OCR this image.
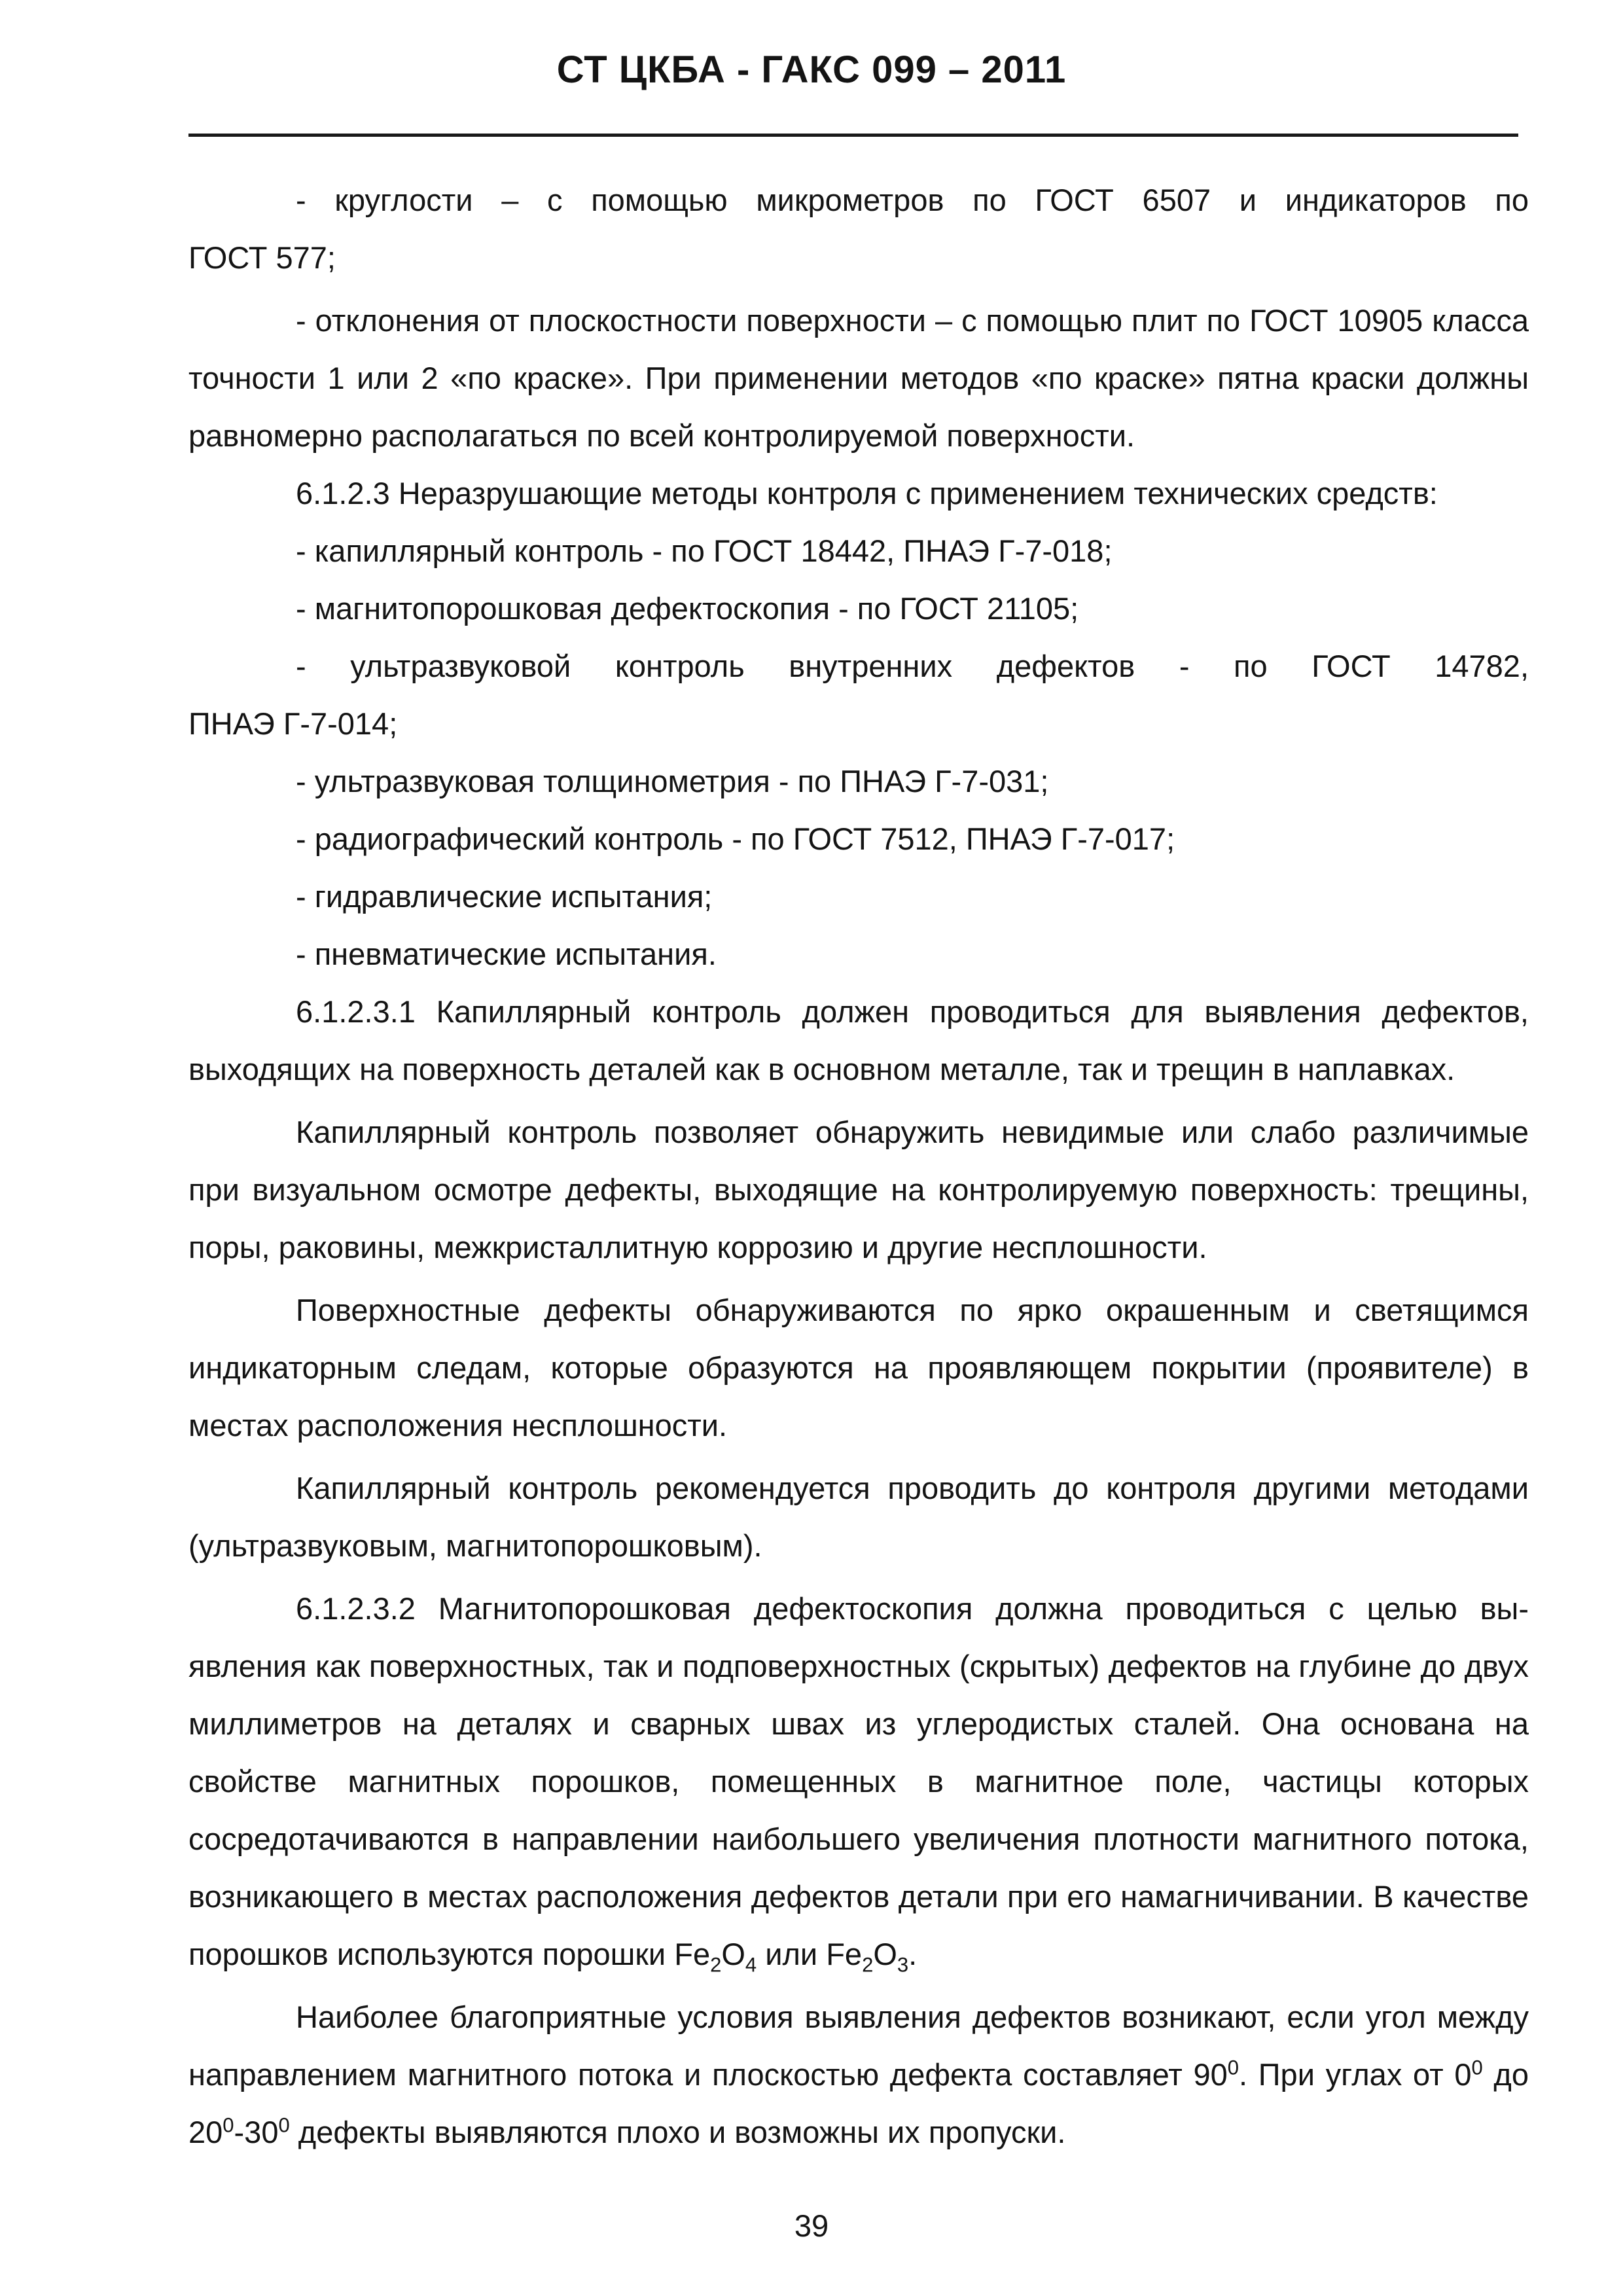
СТ ЦКБА - ГАКС 099 – 2011

- круглости – с помощью микрометров по ГОСТ 6507 и индикаторов по

ГОСТ 577;

- отклонения от плоскостности поверхности – с помощью плит по ГОСТ 10905 класса точности 1 или 2 «по краске». При применении методов «по краске» пятна краски должны равномерно располагаться по всей контролируемой поверхности.

6.1.2.3 Неразрушающие методы контроля с применением технических средств:

- капиллярный контроль - по ГОСТ 18442, ПНАЭ Г-7-018;

- магнитопорошковая дефектоскопия - по ГОСТ 21105;

- ультразвуковой контроль внутренних дефектов - по ГОСТ 14782,

ПНАЭ Г-7-014;

- ультразвуковая толщинометрия - по ПНАЭ Г-7-031;

- радиографический контроль - по ГОСТ 7512, ПНАЭ Г-7-017;

- гидравлические испытания;

- пневматические испытания.

6.1.2.3.1 Капиллярный контроль должен проводиться для выявления дефектов, выходящих на поверхность деталей как в основном металле, так и трещин в наплавках.

Капиллярный контроль позволяет обнаружить невидимые или слабо различимые при визуальном осмотре дефекты, выходящие на контролируемую поверхность: трещины, поры, раковины, межкристаллитную коррозию и другие несплошности.

Поверхностные дефекты обнаруживаются по ярко окрашенным и светящимся индикаторным следам, которые образуются на проявляющем покрытии (проявителе) в местах расположения несплошности.

Капиллярный контроль рекомендуется проводить до контроля другими методами (ультразвуковым, магнитопорошковым).

6.1.2.3.2 Магнитопорошковая дефектоскопия должна проводиться с целью выявления как поверхностных, так и подповерхностных (скрытых) дефектов на глубине до двух миллиметров на деталях и сварных швах из углеродистых сталей. Она основана на свойстве магнитных порошков, помещенных в магнитное поле, частицы которых сосредотачиваются в направлении наибольшего увеличения плотности магнитного потока, возникающего в местах расположения дефектов детали при его намагничивании. В качестве порошков используются порошки $Fe_2O_4$ или $Fe_2O_3$.

Наиболее благоприятные условия выявления дефектов возникают, если угол между направлением магнитного потока и плоскостью дефекта составляет $90^0$. При углах от $0^0$ до $20^0-30^0$ дефекты выявляются плохо и возможны их пропуски.

39
